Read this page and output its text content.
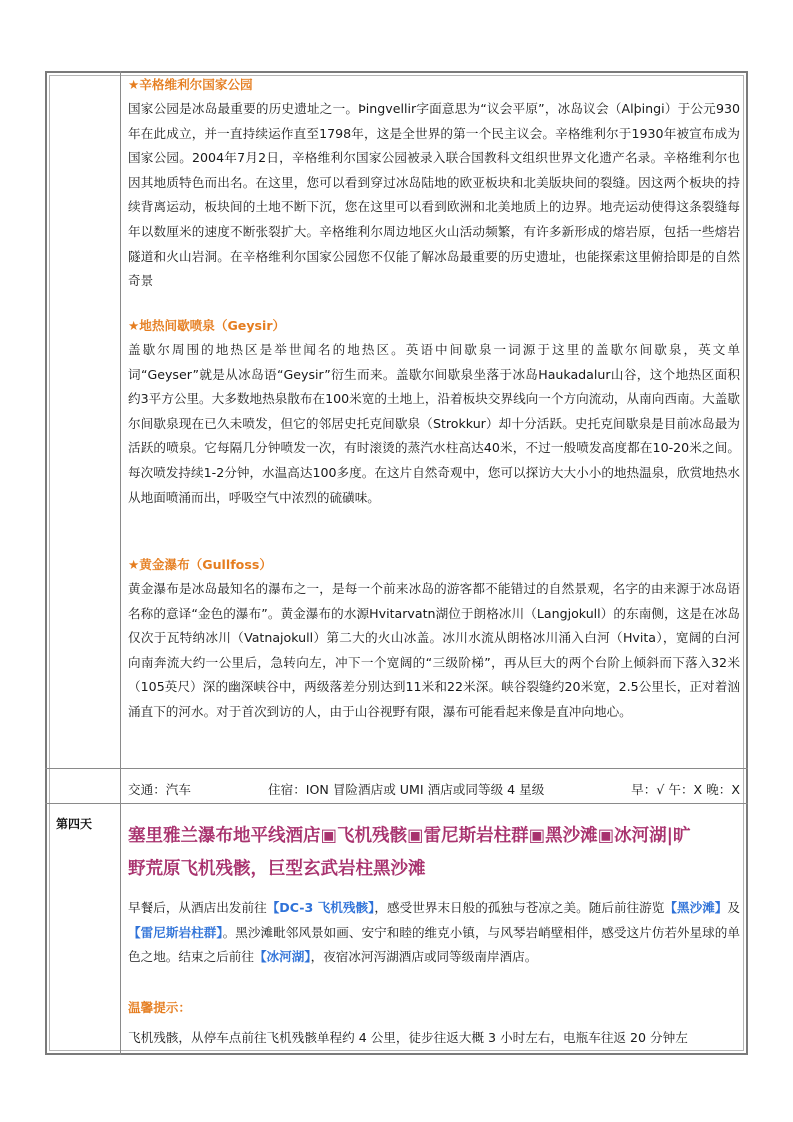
★辛格维利尔国家公园

国家公园是冰岛最重要的历史遗址之一。Þingvellir字面意思为“议会平原”，冰岛议会（Alþingi）于公元930年在此成立，并一直持续运作直至1798年，这是全世界的第一个民主议会。辛格维利尔于1930年被宣布成为国家公园。2004年7月2日，辛格维利尔国家公园被录入联合国教科文组织世界文化遗产名录。辛格维利尔也因其地质特色而出名。在这里，您可以看到穿过冰岛陆地的欧亚板块和北美版块间的裂缝。因这两个板块的持续背离运动，板块间的土地不断下沉，您在这里可以看到欧洲和北美地质上的边界。地壳运动使得这条裂缝每年以数厘米的速度不断张裂扩大。辛格维利尔周边地区火山活动频繁，有许多新形成的熔岩原，包括一些熔岩隧道和火山岩洞。在辛格维利尔国家公园您不仅能了解冰岛最重要的历史遗址，也能探索这里俯拾即是的自然奇景

★地热间歇喷泉（Geysir）

盖歇尔周围的地热区是举世闻名的地热区。英语中间歇泉一词源于这里的盖歇尔间歇泉，英文单词“Geyser”就是从冰岛语“Geysir”衍生而来。盖歇尔间歇泉坐落于冰岛Haukadalur山谷，这个地热区面积约3平方公里。大多数地热泉散布在100米宽的土地上，沿着板块交界线向一个方向流动，从南向西南。大盖歇尔间歇泉现在已久未喷发，但它的邻居史托克间歇泉（Strokkur）却十分活跃。史托克间歇泉是目前冰岛最为活跃的喷泉。它每隔几分钟喷发一次，有时滚烫的蒸汽水柱高达40米，不过一般喷发高度都在10-20米之间。每次喷发持续1-2分钟，水温高达100多度。在这片自然奇观中，您可以探访大大小小的地热温泉，欣赏地热水从地面喷涌而出，呼吸空气中浓烈的硫磺味。

★黄金瀑布（Gullfoss）

黄金瀑布是冰岛最知名的瀑布之一，是每一个前来冰岛的游客都不能错过的自然景观，名字的由来源于冰岛语名称的意译“金色的瀑布”。黄金瀑布的水源Hvitarvatn湖位于朗格冰川（Langjokull）的东南侧，这是在冰岛仅次于瓦特纳冰川（Vatnajokull）第二大的火山冰盖。冰川水流从朗格冰川涌入白河（Hvita），宽阔的白河向南奔流大约一公里后，急转向左，冲下一个宽阔的“三级阶梯”，再从巨大的两个台阶上倾斜而下落入32米（105英尺）深的幽深峡谷中，两级落差分别达到11米和22米深。峡谷裂缝约20米宽，2.5公里长，正对着汹涌直下的河水。对于首次到访的人，由于山谷视野有限，瀑布可能看起来像是直冲向地心。

交通：汽车	住宿：ION 冒险酒店或 UMI 酒店或同等级 4 星级	早：√ 午：X 晚：X
第四天
塞里雅兰瀑布地平线酒店▣飞机残骸▣雷尼斯岩柱群▣黑沙滩▣冰河湖|旷
野荒原飞机残骸，巨型玄武岩柱黑沙滩

早餐后，从酒店出发前往【DC-3 飞机残骸】，感受世界末日般的孤独与苍凉之美。随后前往游览【黑沙滩】及【雷尼斯岩柱群】。黑沙滩毗邻风景如画、安宁和睦的维克小镇，与风琴岩峭壁相伴，感受这片仿若外星球的单色之地。结束之后前往【冰河湖】，夜宿冰河泻湖酒店或同等级南岸酒店。

温馨提示：

飞机残骸，从停车点前往飞机残骸单程约 4 公里，徒步往返大概 3 小时左右，电瓶车往返 20 分钟左
